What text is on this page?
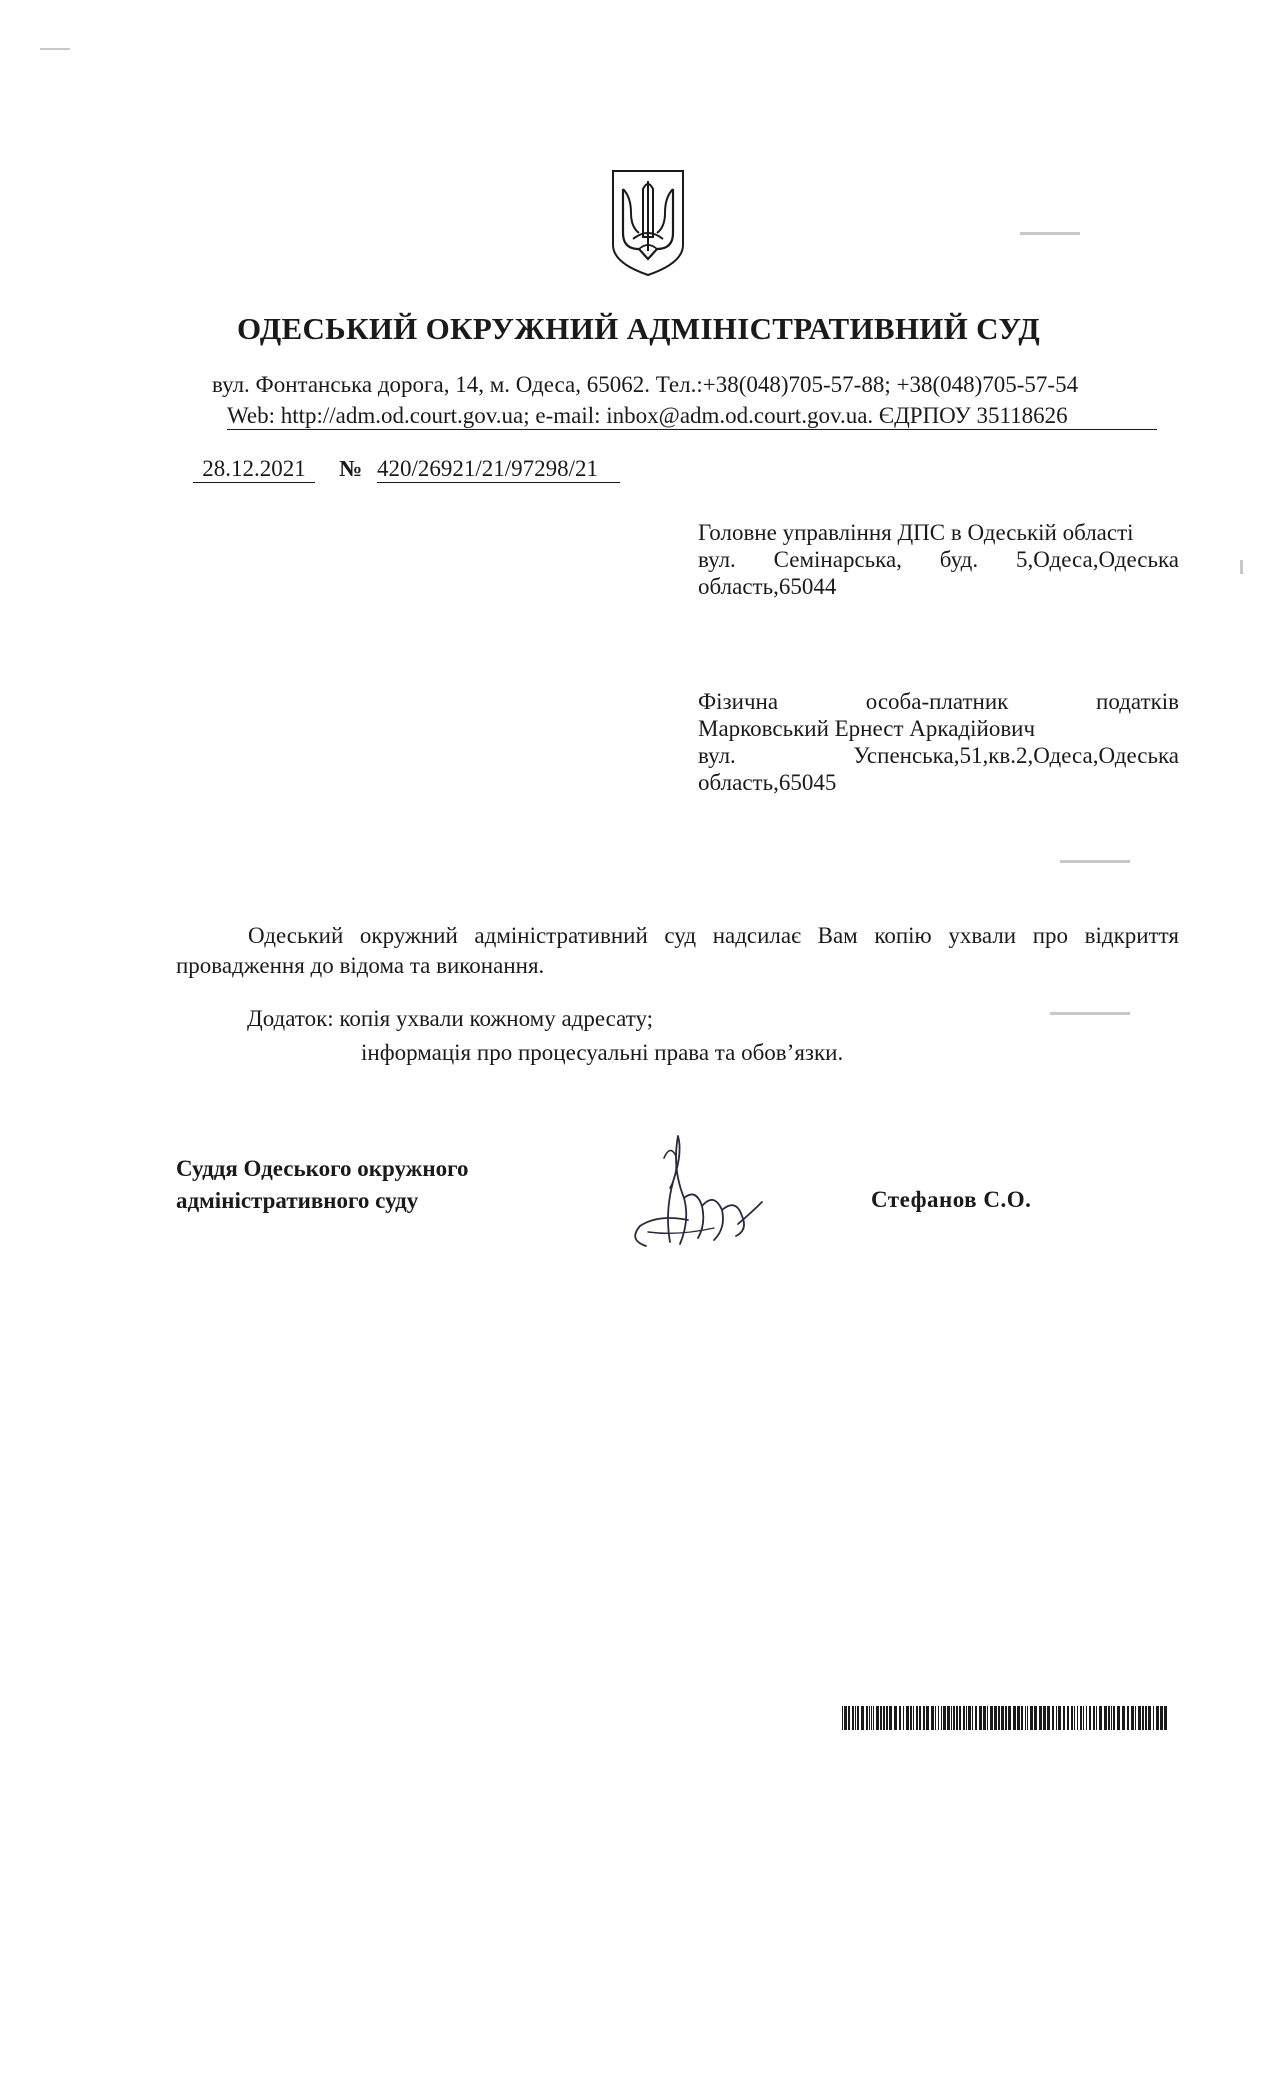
ОДЕСЬКИЙ ОКРУЖНИЙ АДМІНІСТРАТИВНИЙ СУД
вул. Фонтанська дорога, 14, м. Одеса, 65062. Тел.:+38(048)705-57-88; +38(048)705-57-54
Web: http://adm.od.court.gov.ua; e-mail: inbox@adm.od.court.gov.ua. ЄДРПОУ 35118626
28.12.2021	№ 420/26921/21/97298/21
Головне управління ДПС в Одеській області
вул. Семінарська, буд. 5,Одеса,Одеська
область,65044
Фізична особа-платник податків
Марковський Ернест Аркадійович
вул. Успенська,51,кв.2,Одеса,Одеська
область,65045
Одеський окружний адміністративний суд надсилає Вам копію ухвали про відкриття
провадження до відома та виконання.
Додаток: копія ухвали кожному адресату;
інформація про процесуальні права та обов’язки.
Суддя Одеського окружного
адміністративного суду	Стефанов С.О.
